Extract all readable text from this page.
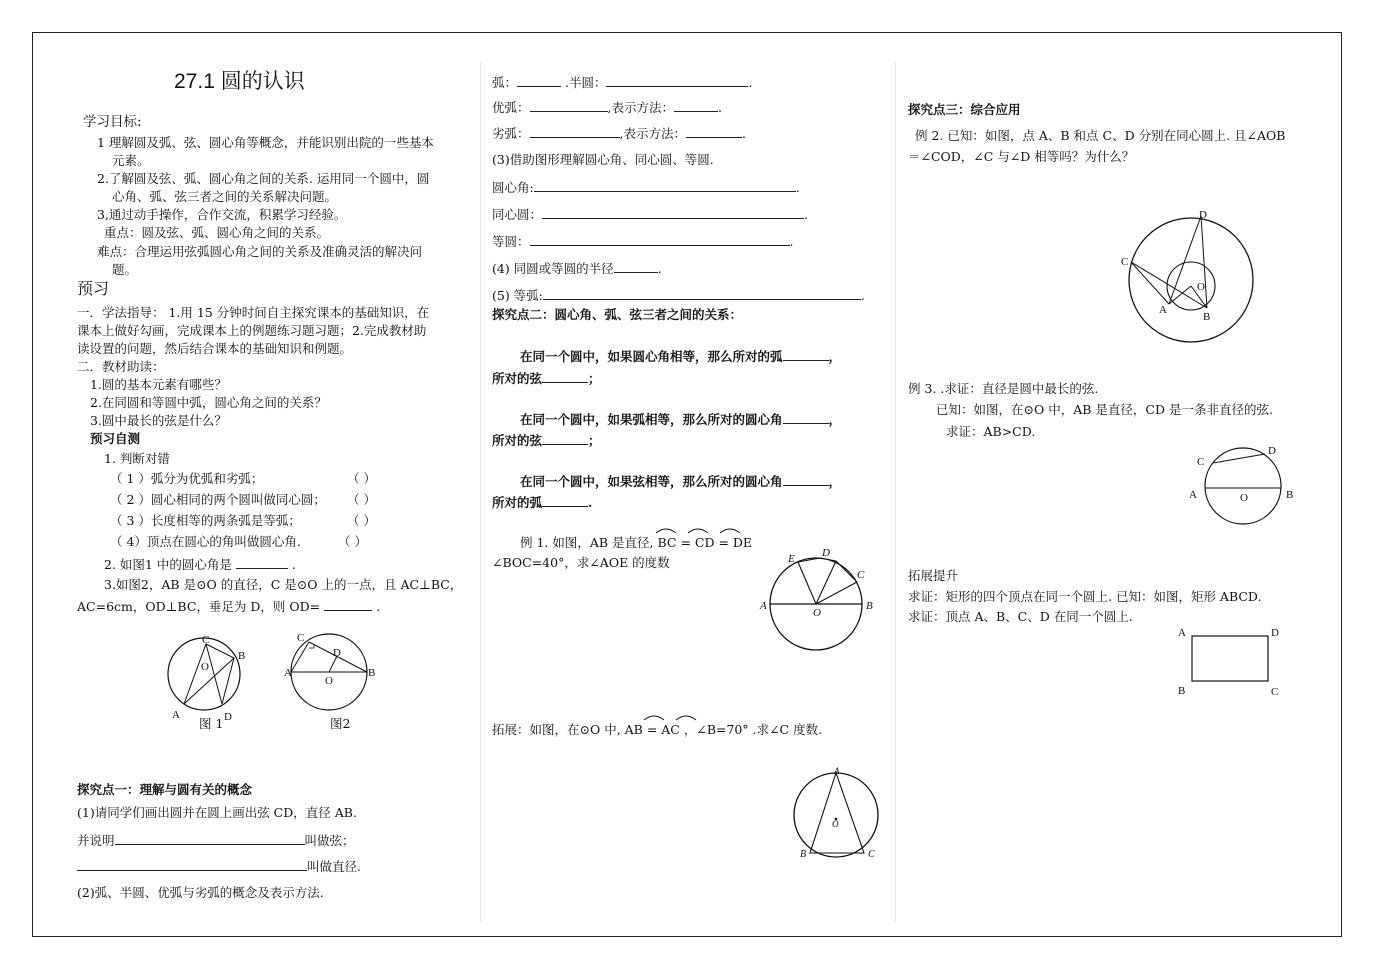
27.1 圆的认识
学习目标:
1 理解圆及弧、弦、圆心角等概念，并能识别出院的一些基本
元素。
2.了解圆及弦、弧、圆心角之间的关系. 运用同一个圆中，圆
心角、弧、弦三者之间的关系解决问题。
3,通过动手操作，合作交流，积累学习经验。
重点：圆及弦、弧、圆心角之间的关系。
难点：合理运用弦弧圆心角之间的关系及准确灵活的解决问
题。
预习
一．学法指导： 1.用 15 分钟时间自主探究课本的基础知识，在
课本上做好勾画，完成课本上的例题练习题习题；2.完成教材助
读设置的问题，然后结合课本的基础知识和例题。
二．教材助读：
1.圆的基本元素有哪些？
2.在同圆和等圆中弧，圆心角之间的关系？
3.圆中最长的弦是什么？
预习自测
1. 判断对错
（ 1 ）弧分为优弧和劣弧；	（ ）
（ 2 ）圆心相同的两个圆叫做同心圆； （ ）
（ 3 ）长度相等的两条弧是等弧；	（ ）
（ 4）顶点在圆心的角叫做圆心角.	（ ）
2. 如图1 中的圆心角是	.
3.如图2，AB 是⊙O 的直径，C 是⊙O 上的一点，且 AC⊥BC，
AC=6cm，OD⊥BC，垂足为 D，则 OD=	.
C
O
B
A	D
图 1
C
D
A
O
B
图2
探究点一：理解与圆有关的概念
(1)请同学们画出圆并在圆上画出弦 CD，直径 AB.
并说明	叫做弦；
叫做直径.
(2)弧、半圆、优弧与劣弧的概念及表示方法.
弧：	.半圆：	.
优弧：	,表示方法：	.
劣弧：	,表示方法：	.
(3)借助图形理解圆心角、同心圆、等圆.
圆心角:	.
同心圆：	.
等圆：	.
(4) 同圆或等圆的半径	.
(5) 等弧:	.
探究点二：圆心角、弧、弦三者之间的关系：
在同一个圆中，如果圆心角相等，那么所对的弧	，
所对的弦	；
在同一个圆中，如果弧相等，那么所对的圆心角	，
所对的弦	；
在同一个圆中，如果弦相等，那么所对的圆心角	，
所对的弧	.
例 1. 如图，AB 是直径, BC = CD = DE
∠BOC=40°，求∠AOE 的度数	E D
C
A
O
B
拓展：如图，在⊙O 中, AB = AC ，∠B=70° .求∠C 度数.
A
O
B	C
探究点三：综合应用
例 2. 已知：如图，点 A、B 和点 C、D 分别在同心圆上. 且∠AOB
＝∠COD，∠C 与∠D 相等吗？为什么？
D
C
O
A
B
例 3. .求证：直径是圆中最长的弦.
已知：如图，在⊙O 中，AB 是直径，CD 是一条非直径的弦.
求证：AB>CD.
C
D
A	O	B
拓展提升
求证：矩形的四个顶点在同一个圆上. 已知：如图，矩形 ABCD.
求证：顶点 A、B、C、D 在同一个圆上.
A	D
B	C
